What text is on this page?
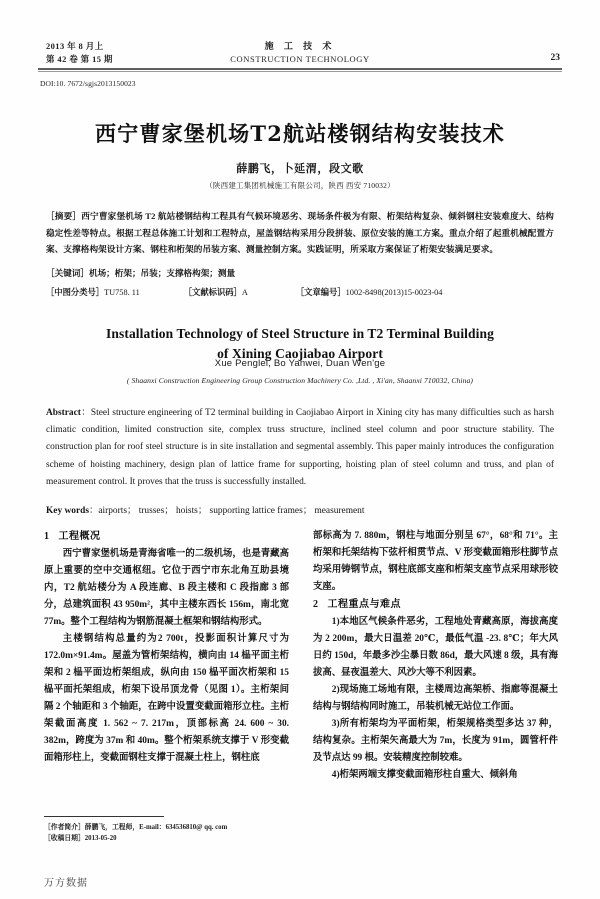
2013 年 8 月上
第 42 卷 第 15 期
施 工 技 术
CONSTRUCTION TECHNOLOGY	23
DOI:10. 7672/sgjs2013150023
西宁曹家堡机场T2航站楼钢结构安装技术
薛鹏飞，卜延渭，段文歌
（陕西建工集团机械施工有限公司，陕西 西安 710032）
［摘要］西宁曹家堡机场 T2 航站楼钢结构工程具有气候环境恶劣、现场条件极为有限、桁架结构复杂、倾斜钢柱安装难度大、结构稳定性差等特点。根据工程总体施工计划和工程特点，屋盖钢结构采用分段拼装、原位安装的施工方案。重点介绍了起重机械配置方案、支撑格构架设计方案、钢柱和桁架的吊装方案、测量控制方案。实践证明，所采取方案保证了桁架安装满足要求。
［关键词］机场；桁架；吊装；支撑格构架；测量
［中图分类号］TU758. 11	［文献标识码］A	［文章编号］1002-8498(2013)15-0023-04
Installation Technology of Steel Structure in T2 Terminal Building
of Xining Caojiabao Airport
Xue Penglei, Bo Yanwei, Duan Wen'ge
( Shaanxi Construction Engineering Group Construction Machinery Co. ,Ltd. , Xi'an, Shaanxi 710032, China)
Abstract：Steel structure engineering of T2 terminal building in Caojiabao Airport in Xining city has many difficulties such as harsh climatic condition, limited construction site, complex truss structure, inclined steel column and poor structure stability. The construction plan for roof steel structure is in site installation and segmental assembly. This paper mainly introduces the configuration scheme of hoisting machinery, design plan of lattice frame for supporting, hoisting plan of steel column and truss, and plan of measurement control. It proves that the truss is successfully installed.
Key words：airports； trusses； hoists； supporting lattice frames； measurement
1 工程概况

西宁曹家堡机场是青海省唯一的二级机场，也是青藏高原上重要的空中交通枢纽。它位于西宁市东北角互助县境内，T2 航站楼分为 A 段连廊、B 段主楼和 C 段指廊 3 部分，总建筑面积 43 950m²，其中主楼东西长 156m，南北宽 77m。整个工程结构为钢筋混凝土框架和钢结构形式。

主楼钢结构总量约为2 700t，投影面积计算尺寸为 172.0m×91.4m。屋盖为管桁架结构，横向由 14 榀平面主桁架和 2 榀平面边桁架组成，纵向由 150 榀平面次桁架和 15 榀平面托架组成，桁架下设吊顶龙骨（见图 1）。主桁架间隔 2 个轴距和 3 个轴距，在跨中设置变截面箱形立柱。主桁架截面高度 1. 562 ~ 7. 217m，顶部标高 24. 600 ~ 30. 382m，跨度为 37m 和 40m。整个桁架系统支撑于 V 形变截面箱形柱上，变截面钢柱支撑于混凝土柱上，钢柱底

部标高为 7. 880m，钢柱与地面分别呈 67°，68°和 71°。主桁架和托架结构下弦杆相贯节点、V 形变截面箱形柱脚节点均采用铸钢节点，钢柱底部支座和桁架支座节点采用球形铰支座。

2 工程重点与难点

1)本地区气候条件恶劣，工程地处青藏高原，海拔高度为 2 200m，最大日温差 20℃，最低气温 -23. 8℃；年大风日约 150d，年最多沙尘暴日数 86d，最大风速 8 级，具有海拔高、昼夜温差大、风沙大等不利因素。

2)现场施工场地有限，主楼周边高架桥、指廊等混凝土结构与钢结构同时施工，吊装机械无站位工作面。

3)所有桁架均为平面桁架，桁架规格类型多达 37 种，结构复杂。主桁架矢高最大为 7m，长度为 91m，圆管杆件及节点达 99 根。安装精度控制较难。

4)桁架两端支撑变截面箱形柱自重大、倾斜角

［作者简介］薛鹏飞，工程师，E-mail：634536810@ qq. com
［收稿日期］2013-05-20
万方数据
